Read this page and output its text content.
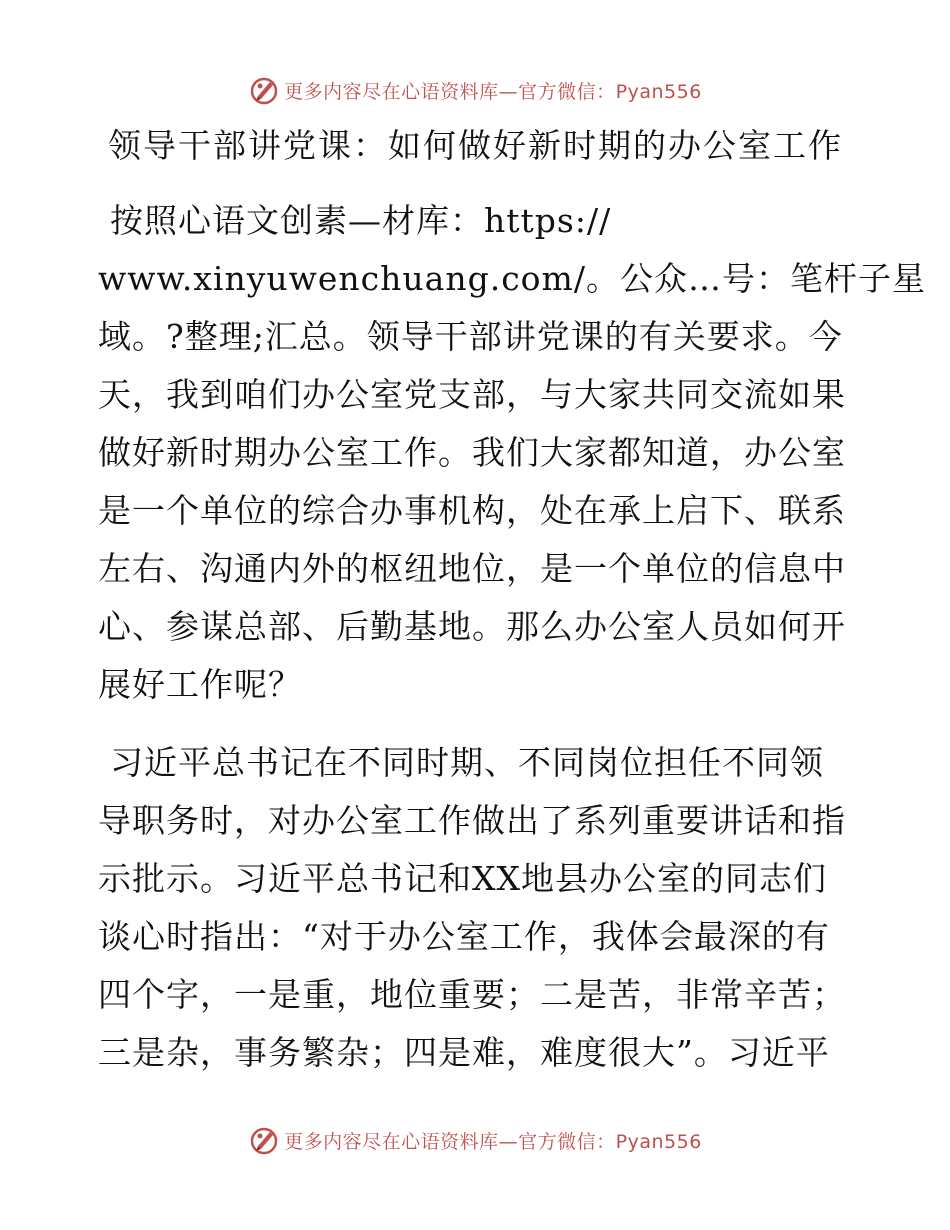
更多内容尽在心语资料库—官方微信：Pyan556
领导干部讲党课：如何做好新时期的办公室工作
按照心语文创素—材库：https://
www.xinyuwenchuang.com/。公众…号：笔杆子星
域。?整理;汇总。领导干部讲党课的有关要求。今
天，我到咱们办公室党支部，与大家共同交流如果
做好新时期办公室工作。我们大家都知道，办公室
是一个单位的综合办事机构，处在承上启下、联系
左右、沟通内外的枢纽地位，是一个单位的信息中
心、参谋总部、后勤基地。那么办公室人员如何开
展好工作呢？
习近平总书记在不同时期、不同岗位担任不同领
导职务时，对办公室工作做出了系列重要讲话和指
示批示。习近平总书记和XX地县办公室的同志们
谈心时指出：“对于办公室工作，我体会最深的有
四个字，一是重，地位重要；二是苦，非常辛苦；
三是杂，事务繁杂；四是难，难度很大”。习近平
更多内容尽在心语资料库—官方微信：Pyan556
